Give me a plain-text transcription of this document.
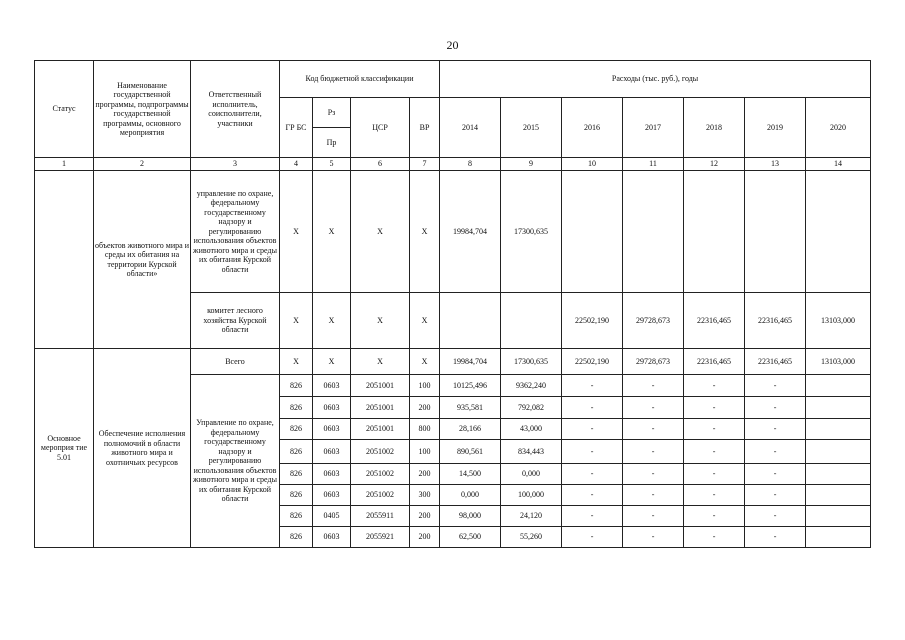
20
Статус	Наименование государственной программы, подпрограммы государственной программы, основного мероприятия	Ответственный исполнитель, соисполнители, участники	Код бюджетной классификации				Расходы (тыс. руб.), годы						
			ГР БС	Рз	ЦСР	ВР	2014	2015	2016	2017	2018	2019	2020
				Пр									
1	2	3	4	5	6	7	8	9	10	11	12	13	14
	объектов животного мира и среды их обитания на территории Курской области»	управление по охране, федеральному государственному надзору и регулированию использования объектов животного мира и среды их обитания Курской области	Х	Х	Х	Х	19984,704	17300,635					
		комитет лесного хозяйства Курской области	Х	Х	Х	Х			22502,190	29728,673	22316,465	22316,465	13103,000
Основное мероприя тие 5.01	Обеспечение исполнения полномочий в области животного мира и охотничьих ресурсов	Всего	Х	Х	Х	Х	19984,704	17300,635	22502,190	29728,673	22316,465	22316,465	13103,000
		Управление по охране, федеральному государственному надзору и регулированию использования объектов животного мира и среды их обитания Курской области	826	0603	2051001	100	10125,496	9362,240	-	-	-	-	
			826	0603	2051001	200	935,581	792,082	-	-	-	-	
			826	0603	2051001	800	28,166	43,000	-	-	-	-	
			826	0603	2051002	100	890,561	834,443	-	-	-	-	
			826	0603	2051002	200	14,500	0,000	-	-	-	-	
			826	0603	2051002	300	0,000	100,000	-	-	-	-	
			826	0405	2055911	200	98,000	24,120	-	-	-	-	
			826	0603	2055921	200	62,500	55,260	-	-	-	-	
